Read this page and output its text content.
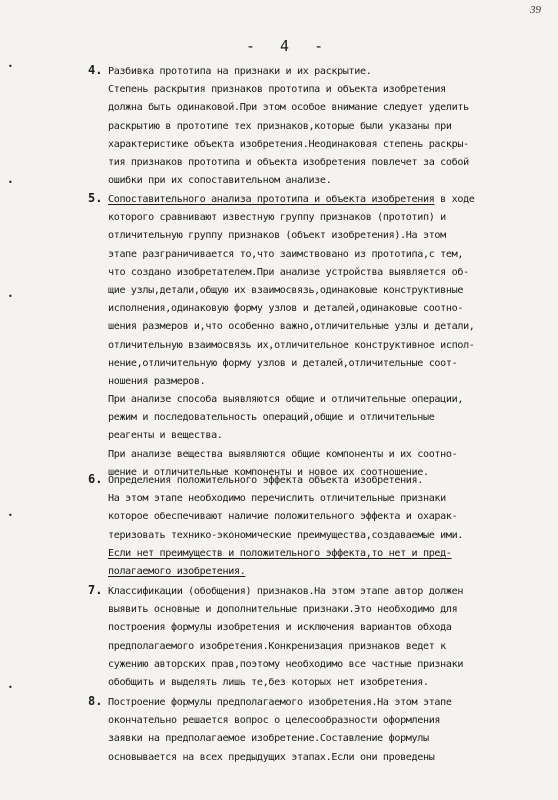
39
- 4 -
•
•
•
•
•
4. Разбивка прототипа на признаки и их раскрытие.
Степень раскрытия признаков прототипа и объекта изобретения
должна быть одинаковой.При этом особое внимание следует уделить
раскрытию в прототипе тех признаков,которые были указаны при
характеристике объекта изобретения.Неодинаковая степень раскры-
тия признаков прототипа и объекта изобретения повлечет за собой
ошибки при их сопоставительном анализе.
5. Сопоставительного анализа прототипа и объекта изобретения в ходе
которого сравнивают известную группу признаков (прототип) и
отличительную группу признаков (объект изобретения).На этом
этапе разграничивается то,что заимствовано из прототипа,с тем,
что создано изобретателем.При анализе устройства выявляется об-
щие узлы,детали,общую их взаимосвязь,одинаковые конструктивные
исполнения,одинаковую форму узлов и деталей,одинаковые соотно-
шения размеров и,что особенно важно,отличительные узлы и детали,
отличительную взаимосвязь их,отличительное конструктивное испол-
нение,отличительную форму узлов и деталей,отличительные соот-
ношения размеров.
При анализе способа выявляются общие и отличительные операции,
режим и последовательность операций,общие и отличительные
реагенты и вещества.
При анализе вещества выявляются общие компоненты и их соотно-
шение и отличительные компоненты и новое их соотношение.
6. Определения положительного эффекта объекта изобретения.
На этом этапе необходимо перечислить отличительные признаки
которое обеспечивают наличие положительного эффекта и охарак-
теризовать технико-экономические преимущества,создаваемые ими.
Если нет преимуществ и положительного эффекта,то нет и пред-
полагаемого изобретения.
7. Классификации (обобщения) признаков.На этом этапе автор должен
выявить основные и дополнительные признаки.Это необходимо для
построения формулы изобретения и исключения вариантов обхода
предполагаемого изобретения.Конкренизация признаков ведет к
сужению авторских прав,поэтому необходимо все частные признаки
обобщить и выделять лишь те,без которых нет изобретения.
8. Построение формулы предполагаемого изобретения.На этом этапе
окончательно решается вопрос о целесообразности оформления
заявки на предполагаемое изобретение.Составление формулы
основывается на всех предыдущих этапах.Если они проведены
